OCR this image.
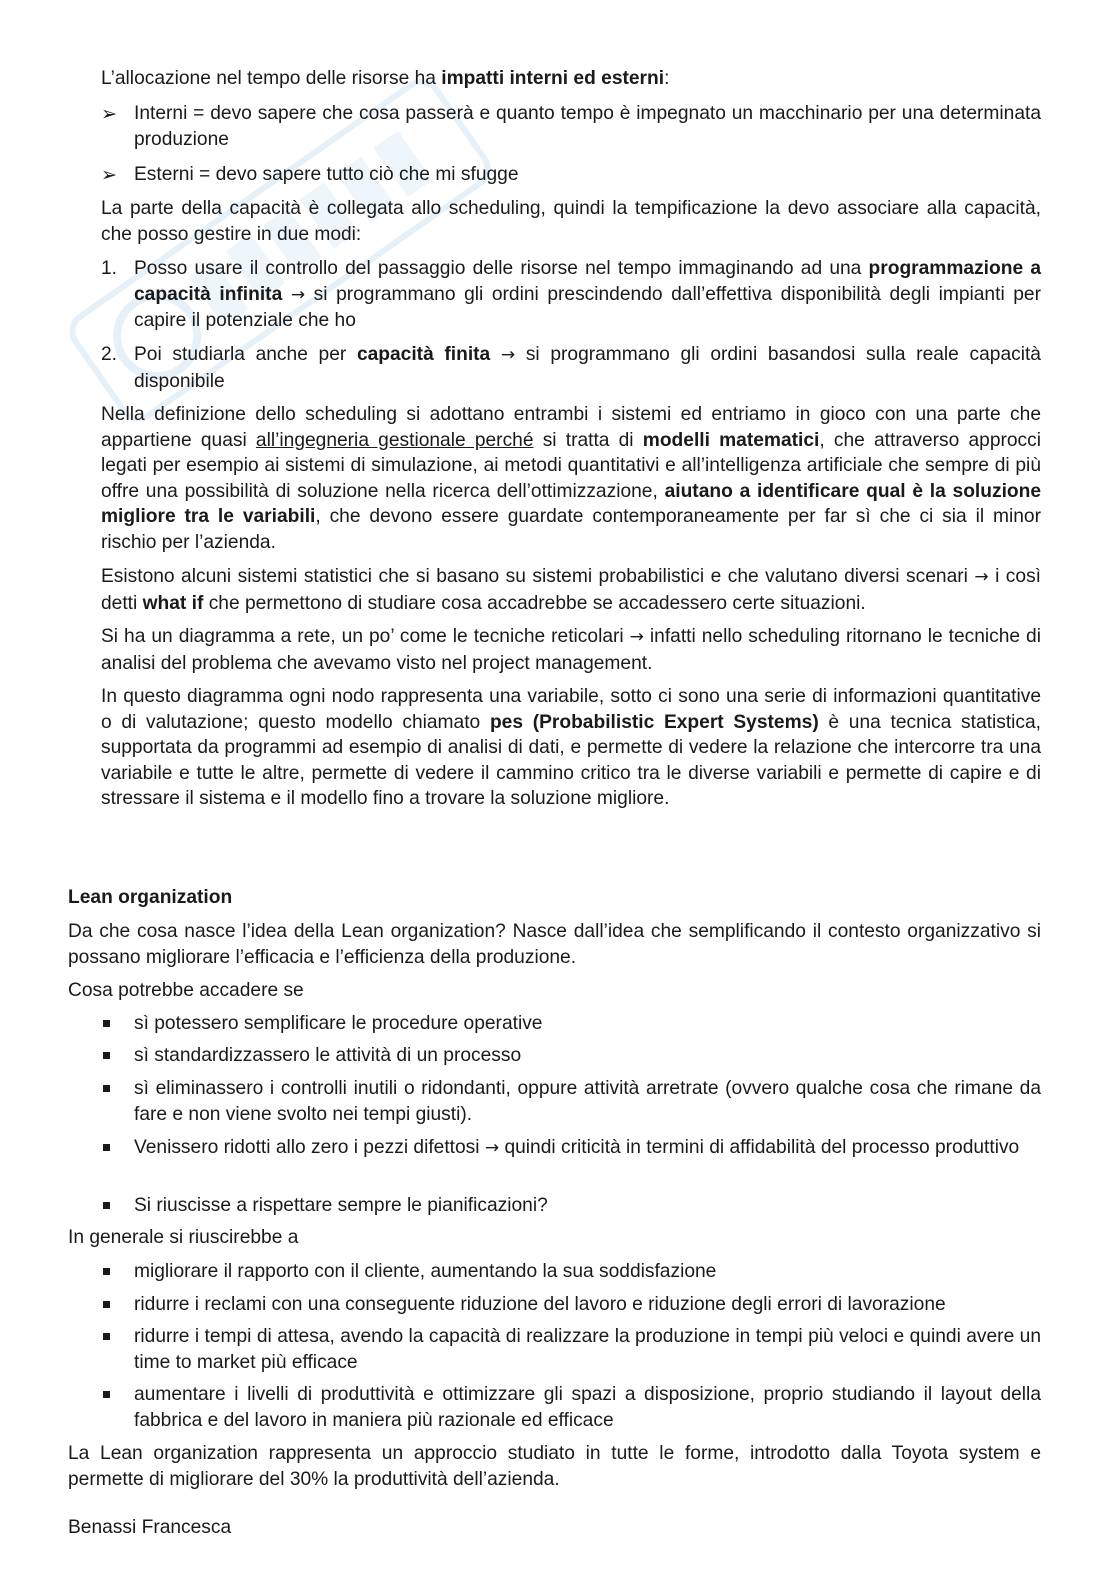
L’allocazione nel tempo delle risorse ha impatti interni ed esterni:

➢ Interni = devo sapere che cosa passerà e quanto tempo è impegnato un macchinario per una determinata produzione
➢ Esterni = devo sapere tutto ciò che mi sfugge

La parte della capacità è collegata allo scheduling, quindi la tempificazione la devo associare alla capacità, che posso gestire in due modi:

1. Posso usare il controllo del passaggio delle risorse nel tempo immaginando ad una programmazione a capacità infinita → si programmano gli ordini prescindendo dall’effettiva disponibilità degli impianti per capire il potenziale che ho
2. Poi studiarla anche per capacità finita → si programmano gli ordini basandosi sulla reale capacità disponibile

Nella definizione dello scheduling si adottano entrambi i sistemi ed entriamo in gioco con una parte che appartiene quasi all’ingegneria gestionale perché si tratta di modelli matematici, che attraverso approcci legati per esempio ai sistemi di simulazione, ai metodi quantitativi e all’intelligenza artificiale che sempre di più offre una possibilità di soluzione nella ricerca dell’ottimizzazione, aiutano a identificare qual è la soluzione migliore tra le variabili, che devono essere guardate contemporaneamente per far sì che ci sia il minor rischio per l’azienda.

Esistono alcuni sistemi statistici che si basano su sistemi probabilistici e che valutano diversi scenari → i così detti what if che permettono di studiare cosa accadrebbe se accadessero certe situazioni.

Si ha un diagramma a rete, un po’ come le tecniche reticolari → infatti nello scheduling ritornano le tecniche di analisi del problema che avevamo visto nel project management.

In questo diagramma ogni nodo rappresenta una variabile, sotto ci sono una serie di informazioni quantitative o di valutazione; questo modello chiamato pes (Probabilistic Expert Systems) è una tecnica statistica, supportata da programmi ad esempio di analisi di dati, e permette di vedere la relazione che intercorre tra una variabile e tutte le altre, permette di vedere il cammino critico tra le diverse variabili e permette di capire e di stressare il sistema e il modello fino a trovare la soluzione migliore.

Lean organization

Da che cosa nasce l’idea della Lean organization? Nasce dall’idea che semplificando il contesto organizzativo si possano migliorare l’efficacia e l’efficienza della produzione.

Cosa potrebbe accadere se

sì potessero semplificare le procedure operative
sì standardizzassero le attività di un processo
sì eliminassero i controlli inutili o ridondanti, oppure attività arretrate (ovvero qualche cosa che rimane da fare e non viene svolto nei tempi giusti).
Venissero ridotti allo zero i pezzi difettosi → quindi criticità in termini di affidabilità del processo produttivo
Si riuscisse a rispettare sempre le pianificazioni?

In generale si riuscirebbe a

migliorare il rapporto con il cliente, aumentando la sua soddisfazione
ridurre i reclami con una conseguente riduzione del lavoro e riduzione degli errori di lavorazione
ridurre i tempi di attesa, avendo la capacità di realizzare la produzione in tempi più veloci e quindi avere un time to market più efficace
aumentare i livelli di produttività e ottimizzare gli spazi a disposizione, proprio studiando il layout della fabbrica e del lavoro in maniera più razionale ed efficace

La Lean organization rappresenta un approccio studiato in tutte le forme, introdotto dalla Toyota system e permette di migliorare del 30% la produttività dell’azienda.

Benassi Francesca
